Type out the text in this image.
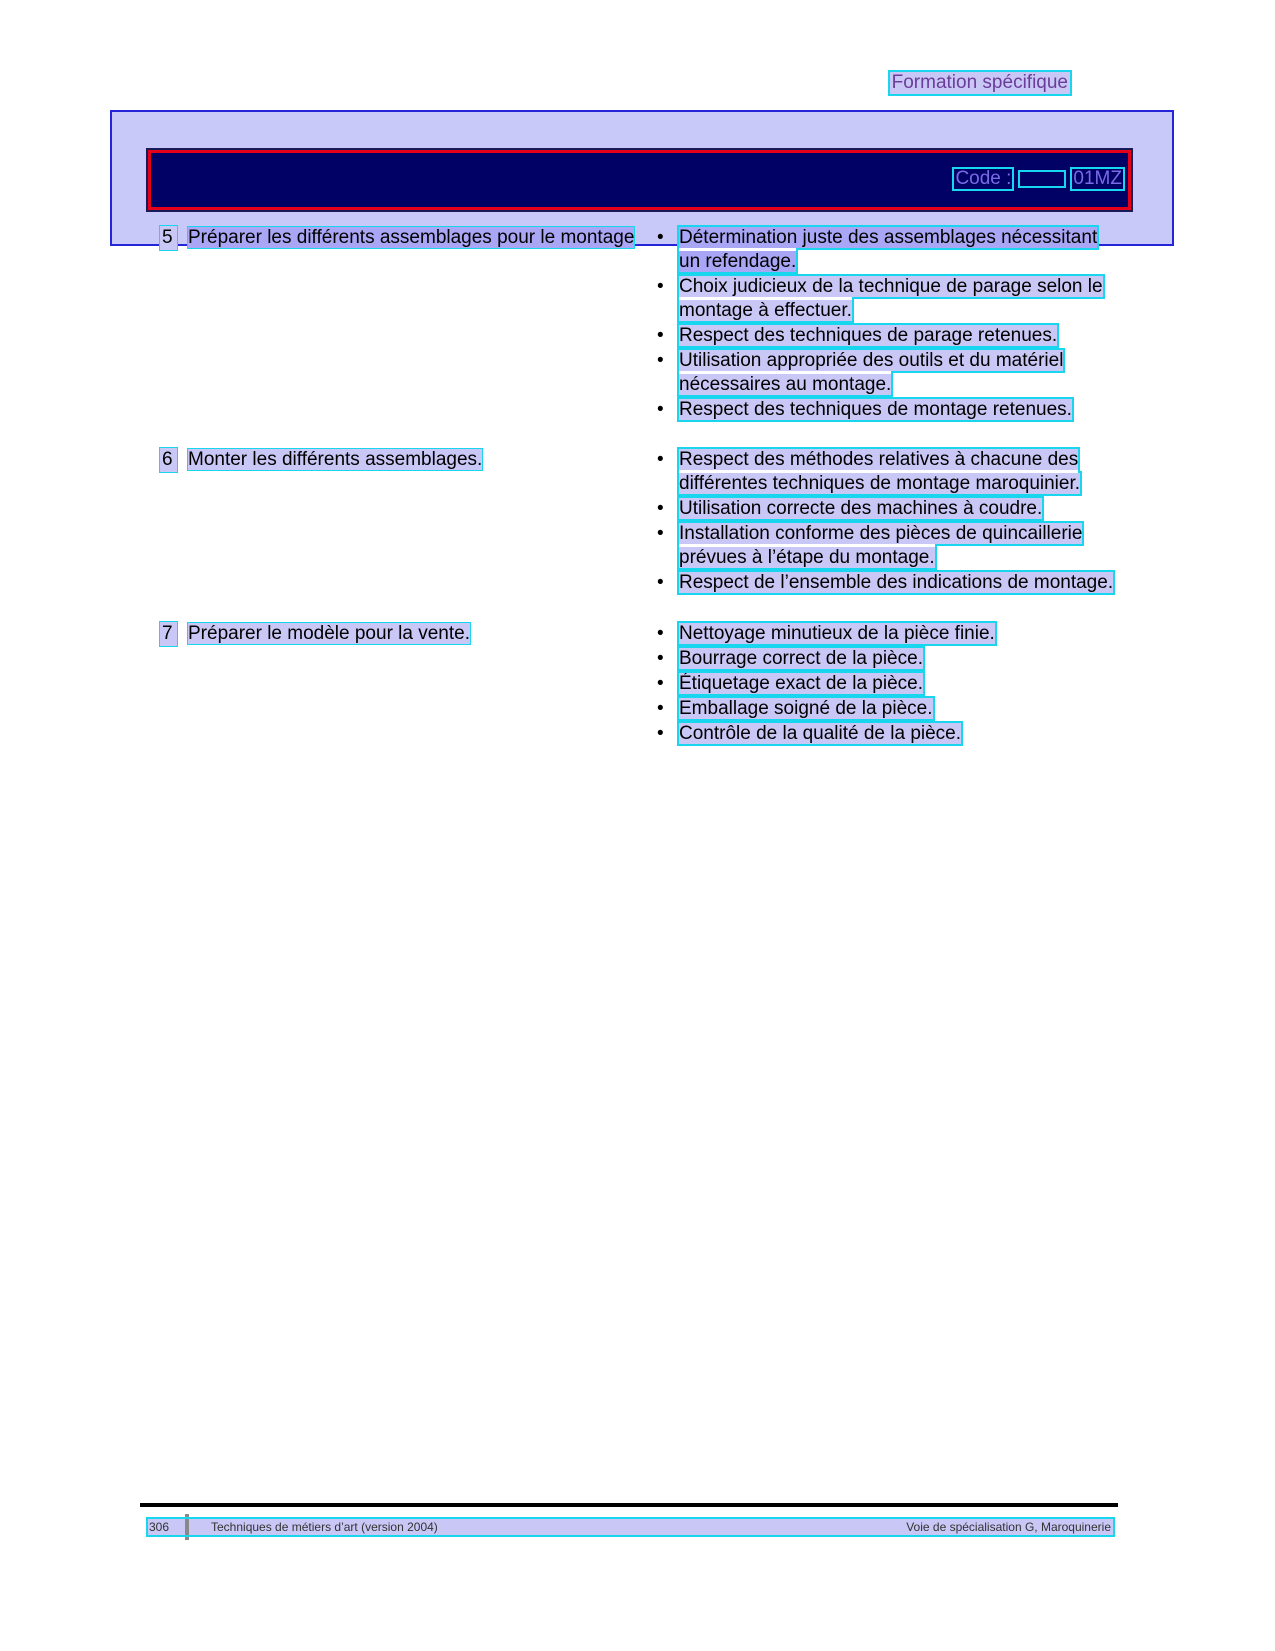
Formation spécifique
Code :	01MZ
5 Préparer les différents assemblages pour le montage	• Détermination juste des assemblages nécessitant un refendage.
• Choix judicieux de la technique de parage selon le montage à effectuer.
• Respect des techniques de parage retenues.
• Utilisation appropriée des outils et du matériel nécessaires au montage.
• Respect des techniques de montage retenues.
6 Monter les différents assemblages.	• Respect des méthodes relatives à chacune des différentes techniques de montage maroquinier.
• Utilisation correcte des machines à coudre.
• Installation conforme des pièces de quincaillerie prévues à l’étape du montage.
• Respect de l’ensemble des indications de montage.
7 Préparer le modèle pour la vente.	• Nettoyage minutieux de la pièce finie.
• Bourrage correct de la pièce.
• Étiquetage exact de la pièce.
• Emballage soigné de la pièce.
• Contrôle de la qualité de la pièce.
306	Techniques de métiers d’art (version 2004)	Voie de spécialisation G, Maroquinerie
